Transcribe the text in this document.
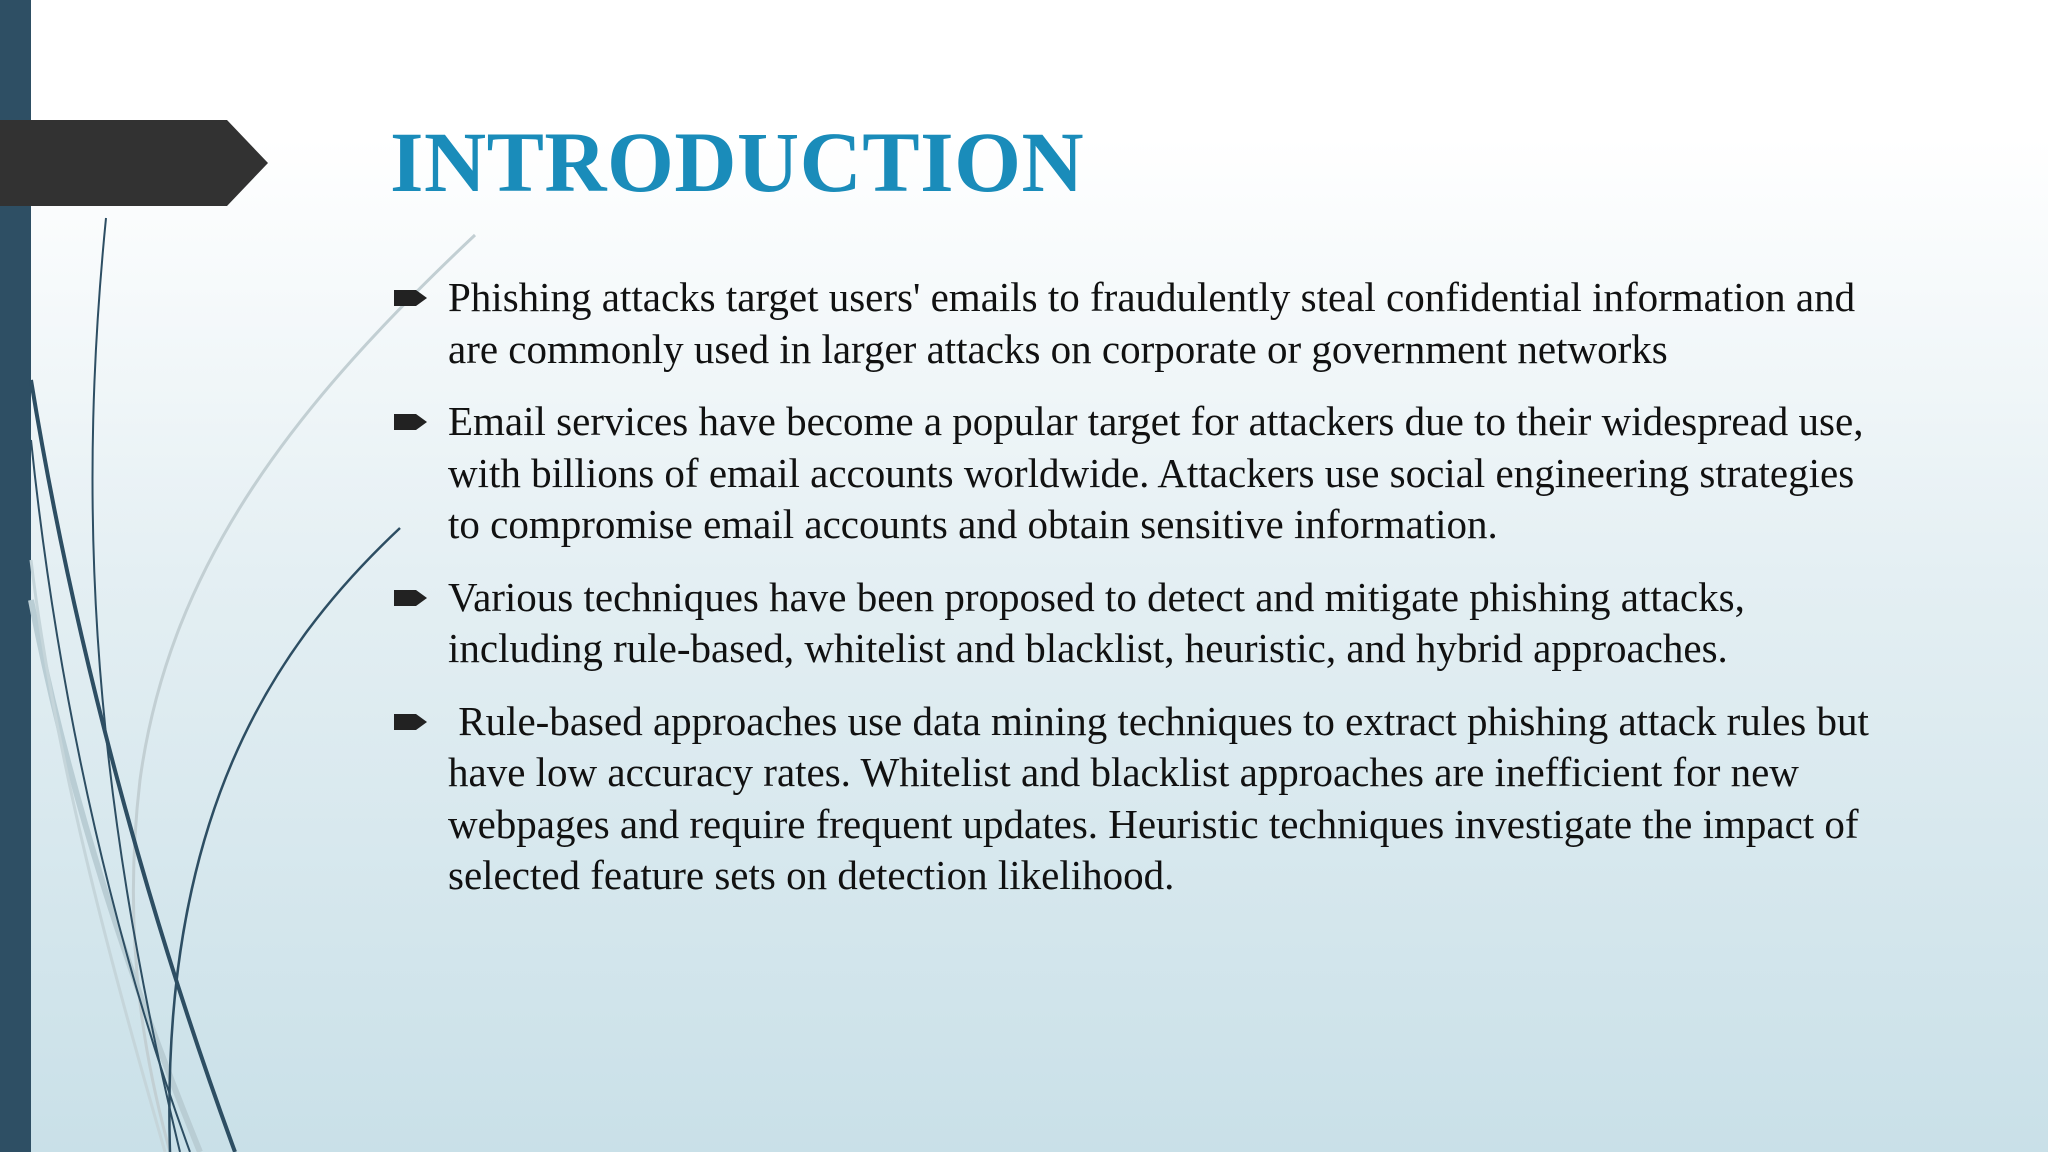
INTRODUCTION
Phishing attacks target users' emails to fraudulently steal confidential information and are commonly used in larger attacks on corporate or government networks
Email services have become a popular target for attackers due to their widespread use, with billions of email accounts worldwide. Attackers use social engineering strategies to compromise email accounts and obtain sensitive information.
Various techniques have been proposed to detect and mitigate phishing attacks, including rule-based, whitelist and blacklist, heuristic, and hybrid approaches.
Rule-based approaches use data mining techniques to extract phishing attack rules but have low accuracy rates. Whitelist and blacklist approaches are inefficient for new webpages and require frequent updates. Heuristic techniques investigate the impact of selected feature sets on detection likelihood.
